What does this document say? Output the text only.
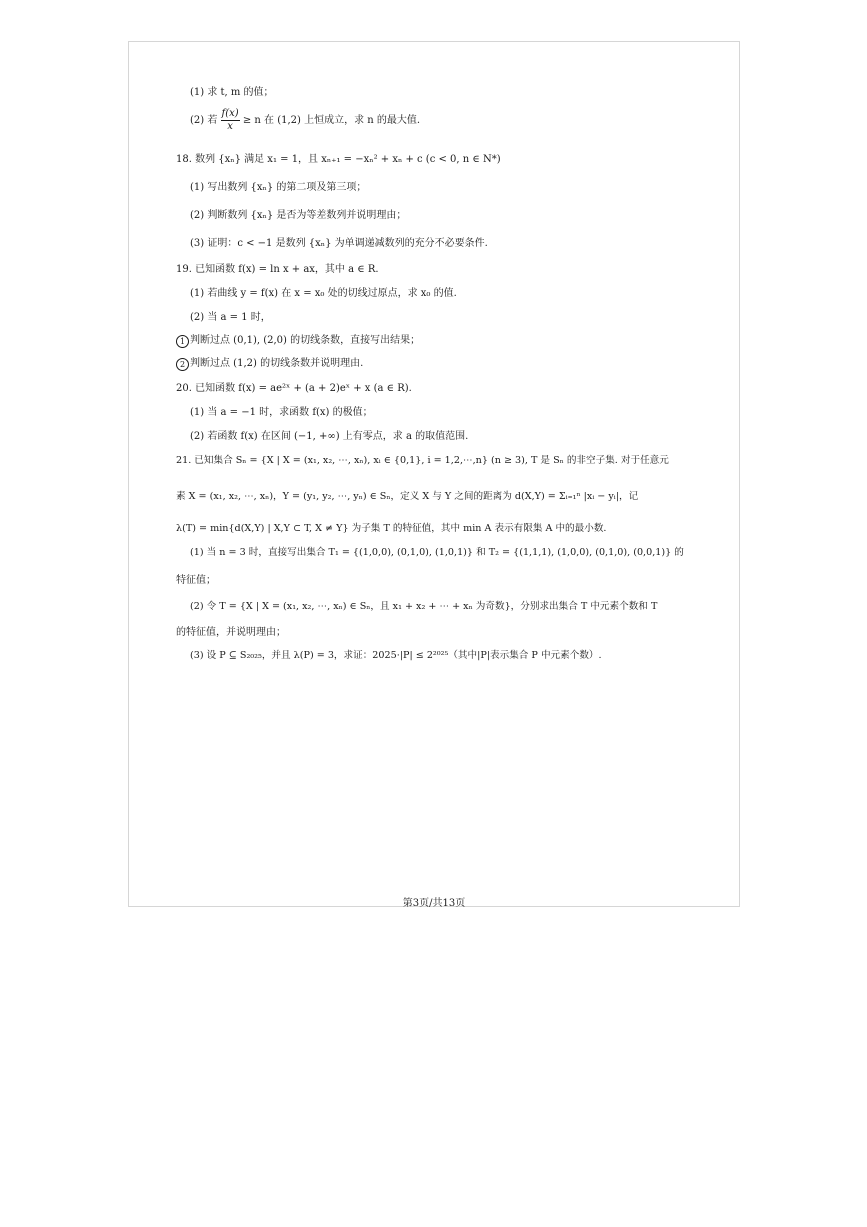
(1) 求 t, m 的值；
(2) 若 $\frac{f(x)}{x} \ge n$ 在 (1,2) 上恒成立，求 n 的最大值.
18. 数列 {xₙ} 满足 x₁ = 1，且 xₙ₊₁ = −xₙ² + xₙ + c (c < 0, n ∈ N*)
(1) 写出数列 {xₙ} 的第二项及第三项；
(2) 判断数列 {xₙ} 是否为等差数列并说明理由；
(3) 证明：c < −1 是数列 {xₙ} 为单调递减数列的充分不必要条件.
19. 已知函数 f(x) = ln x + ax，其中 a ∈ R.
(1) 若曲线 y = f(x) 在 x = x₀ 处的切线过原点，求 x₀ 的值.
(2) 当 a = 1 时，
1 判断过点 (0,1), (2,0) 的切线条数，直接写出结果；
2 判断过点 (1,2) 的切线条数并说明理由.
20. 已知函数 f(x) = ae²ˣ + (a + 2)eˣ + x (a ∈ R).
(1) 当 a = −1 时，求函数 f(x) 的极值；
(2) 若函数 f(x) 在区间 (−1, +∞) 上有零点，求 a 的取值范围.
21. 已知集合 Sₙ = {X | X = (x₁, x₂, ⋯, xₙ), xᵢ ∈ {0,1}, i = 1,2,⋯,n} (n ≥ 3), T 是 Sₙ 的非空子集. 对于任意元
素 X = (x₁, x₂, ⋯, xₙ)，Y = (y₁, y₂, ⋯, yₙ) ∈ Sₙ，定义 X 与 Y 之间的距离为 d(X,Y) = Σᵢ₌₁ⁿ |xᵢ − yᵢ|，记
λ(T) = min{d(X,Y) | X,Y ⊂ T, X ≠ Y} 为子集 T 的特征值，其中 min A 表示有限集 A 中的最小数.
(1) 当 n = 3 时，直接写出集合 T₁ = {(1,0,0), (0,1,0), (1,0,1)} 和 T₂ = {(1,1,1), (1,0,0), (0,1,0), (0,0,1)} 的
特征值；
(2) 令 T = {X | X = (x₁, x₂, ⋯, xₙ) ∈ Sₙ，且 x₁ + x₂ + ⋯ + xₙ 为奇数}，分别求出集合 T 中元素个数和 T
的特征值，并说明理由；
(3) 设 P ⊆ S₂₀₂₅，并且 λ(P) = 3，求证：2025·|P| ≤ 2²⁰²⁵（其中|P|表示集合 P 中元素个数）.
第3页/共13页
